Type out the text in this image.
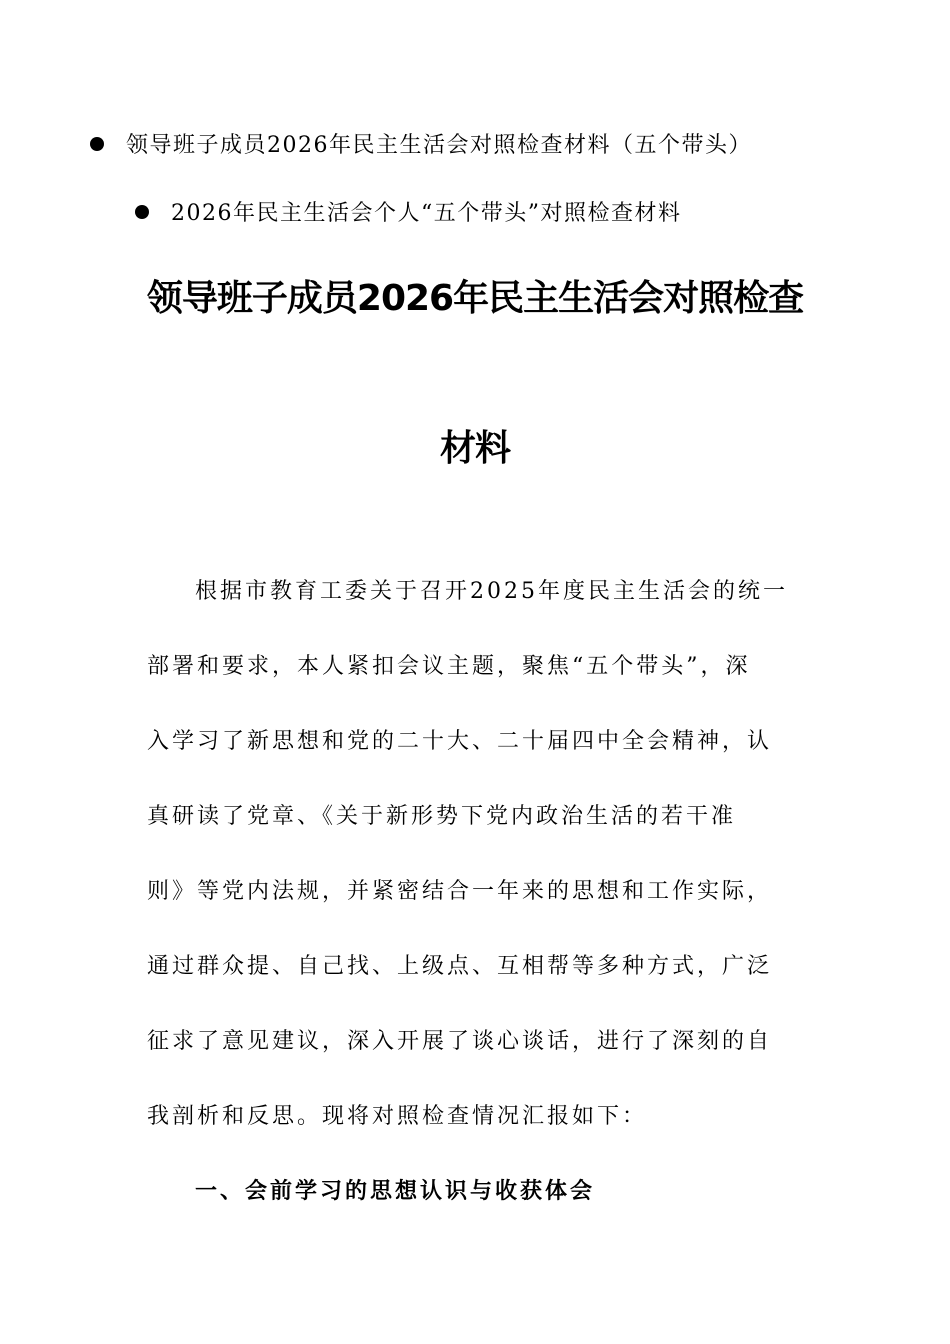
领导班子成员2026年民主生活会对照检查材料（五个带头）
2026年民主生活会个人“五个带头”对照检查材料
领导班子成员2026年民主生活会对照检查
材料
根据市教育工委关于召开2025年度民主生活会的统一
部署和要求，本人紧扣会议主题，聚焦“五个带头”，深
入学习了新思想和党的二十大、二十届四中全会精神，认
真研读了党章、《关于新形势下党内政治生活的若干准
则》等党内法规，并紧密结合一年来的思想和工作实际，
通过群众提、自己找、上级点、互相帮等多种方式，广泛
征求了意见建议，深入开展了谈心谈话，进行了深刻的自
我剖析和反思。现将对照检查情况汇报如下：
一、会前学习的思想认识与收获体会
